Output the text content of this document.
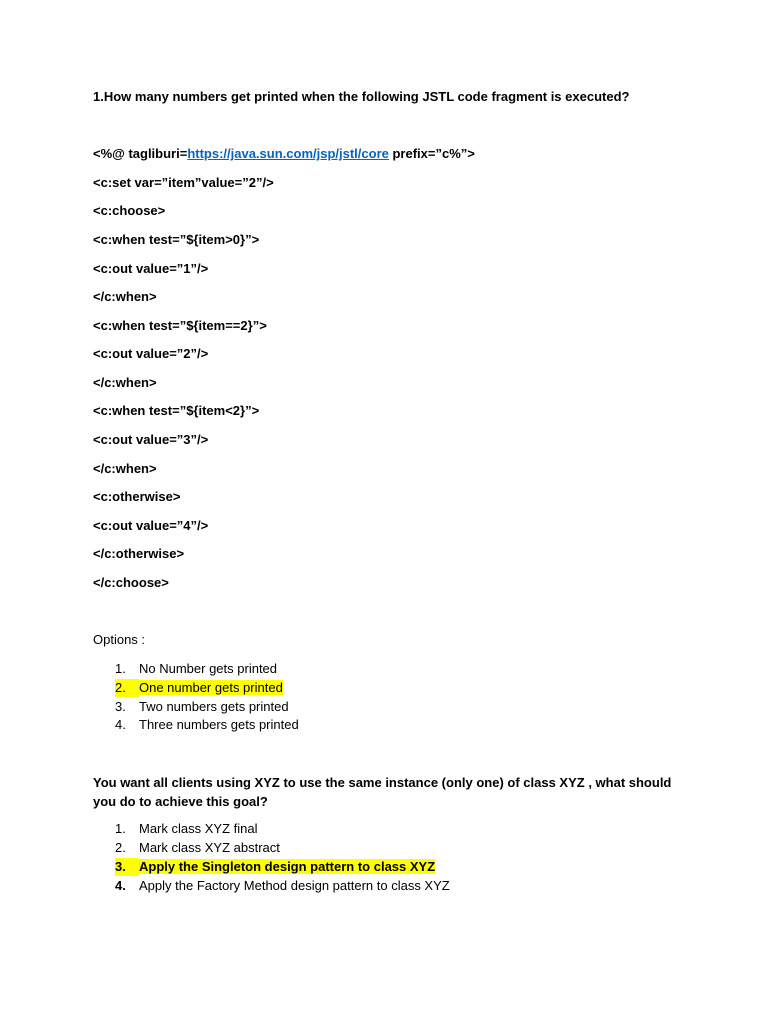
1.How many numbers get printed when the following JSTL code fragment is executed?

<%@ tagliburi=https://java.sun.com/jsp/jstl/core prefix=”c%”>

<c:set var=”item”value=”2”/>

<c:choose>

<c:when test=”${item>0}”>

<c:out value=”1”/>

</c:when>

<c:when test=”${item==2}”>

<c:out value=”2”/>

</c:when>

<c:when test=”${item<2}”>

<c:out value=”3”/>

</c:when>

<c:otherwise>

<c:out value=”4”/>

</c:otherwise>

</c:choose>

Options :

1. No Number gets printed

2. One number gets printed

3. Two numbers gets printed

4. Three numbers gets printed

You want all clients using XYZ to use the same instance (only one) of class XYZ , what should you do to achieve this goal?

1. Mark class XYZ final

2. Mark class XYZ abstract

3. Apply the Singleton design pattern to class XYZ

4. Apply the Factory Method design pattern to class XYZ
